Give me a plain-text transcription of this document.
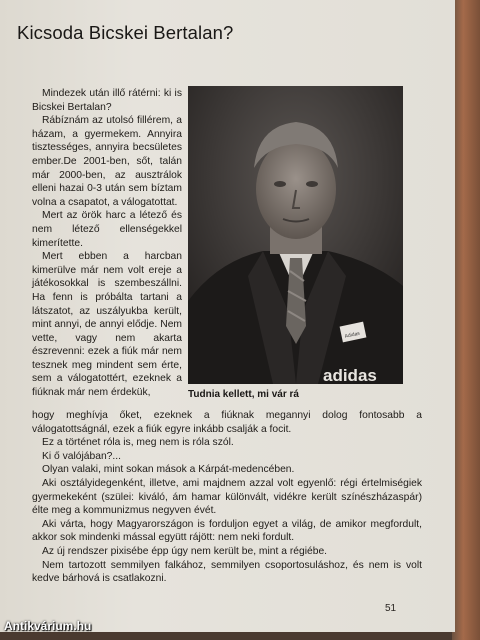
Kicsoda Bicskei Bertalan?

Mindezek után illő rátérni: ki is Bicskei Bertalan?

Rábíznám az utolsó fillérem, a házam, a gyermekem. Annyira tisztességes, annyira becsületes ember.De 2001-ben, sőt, talán már 2000-ben, az ausztrálok elleni hazai 0-3 után sem bíztam volna a csapatot, a válogatottat.

Mert az örök harc a létező és nem létező ellenségekkel kimerítette.

Mert ebben a harcban kimerülve már nem volt ereje a játékosokkal is szembeszállni. Ha fenn is próbálta tartani a látszatot, az uszályukba került, mint annyi, de annyi elődje. Nem vette, vagy nem akarta észrevenni: ezek a fiúk már nem tesznek meg mindent sem érte, sem a válogatottért, ezeknek a fiúknak már nem érdekük,

Adidas
adidas
Tudnia kellett, mi vár rá

hogy meghívja őket, ezeknek a fiúknak megannyi dolog fontosabb a válogatottságnál, ezek a fiúk egyre inkább csalják a focit.

Ez a történet róla is, meg nem is róla szól.

Ki ő valójában?...

Olyan valaki, mint sokan mások a Kárpát-medencében.

Aki osztályidegenként, illetve, ami majdnem azzal volt egyenlő: régi értelmiségiek gyermekeként (szülei: kiváló, ám hamar különvált, vidékre került színészházaspár) élte meg a kommunizmus negyven évét.

Aki várta, hogy Magyarországon is forduljon egyet a világ, de amikor megfordult, akkor sok mindenki mással együtt rájött: nem neki fordult.

Az új rendszer pixisébe épp úgy nem került be, mint a régiébe.

Nem tartozott semmilyen falkához, semmilyen csoportosuláshoz, és nem is volt kedve bárhová is csatlakozni.

51
Antikvárium.hu
